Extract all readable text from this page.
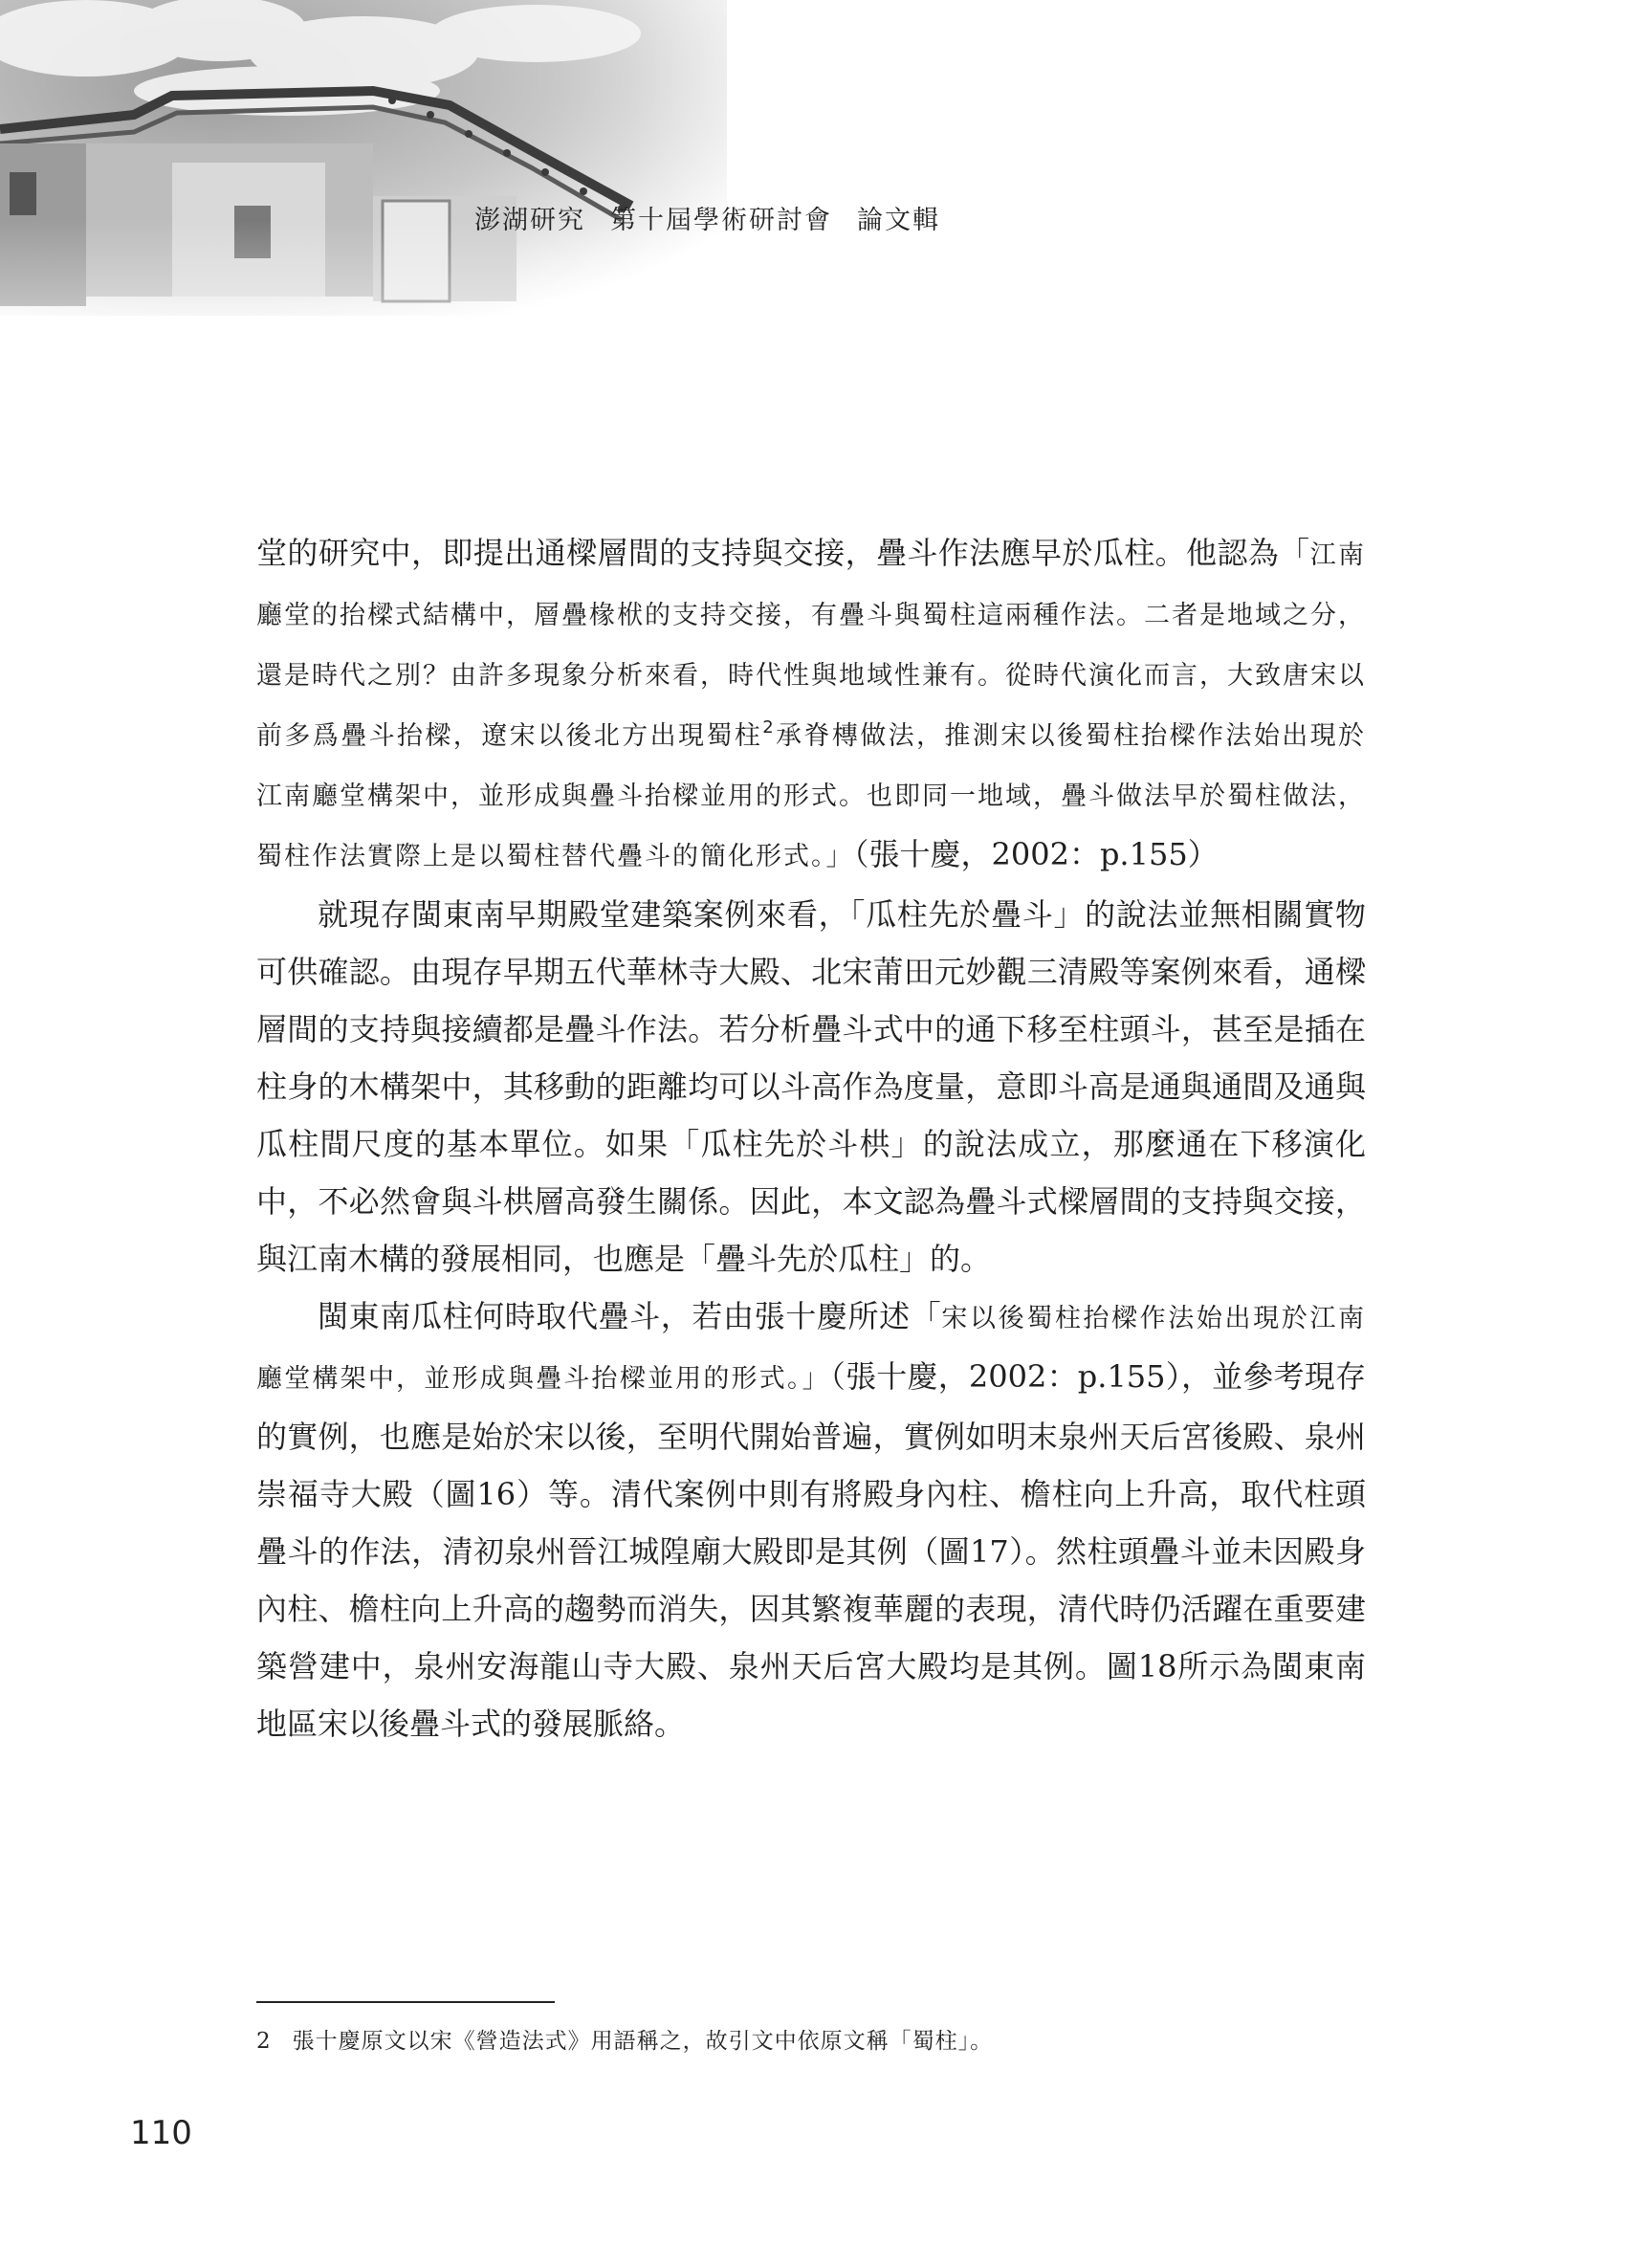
澎湖研究 第十屆學術研討會 論文輯

堂的研究中，即提出通樑層間的支持與交接，疊斗作法應早於瓜柱。他認為「江南廳堂的抬樑式結構中，層疊椽栿的支持交接，有疊斗與蜀柱這兩種作法。二者是地域之分，還是時代之別？由許多現象分析來看，時代性與地域性兼有。從時代演化而言，大致唐宋以前多爲疊斗抬樑，遼宋以後北方出現蜀柱$^2$承脊槫做法，推測宋以後蜀柱抬樑作法始出現於江南廳堂構架中，並形成與疊斗抬樑並用的形式。也即同一地域，疊斗做法早於蜀柱做法，蜀柱作法實際上是以蜀柱替代疊斗的簡化形式。」（張十慶，2002：p.155）

就現存閩東南早期殿堂建築案例來看，「瓜柱先於疊斗」的說法並無相關實物可供確認。由現存早期五代華林寺大殿、北宋莆田元妙觀三清殿等案例來看，通樑層間的支持與接續都是疊斗作法。若分析疊斗式中的通下移至柱頭斗，甚至是插在柱身的木構架中，其移動的距離均可以斗高作為度量，意即斗高是通與通間及通與瓜柱間尺度的基本單位。如果「瓜柱先於斗栱」的說法成立，那麼通在下移演化中，不必然會與斗栱層高發生關係。因此，本文認為疊斗式樑層間的支持與交接，與江南木構的發展相同，也應是「疊斗先於瓜柱」的。

閩東南瓜柱何時取代疊斗，若由張十慶所述「宋以後蜀柱抬樑作法始出現於江南廳堂構架中，並形成與疊斗抬樑並用的形式。」（張十慶，2002：p.155），並參考現存的實例，也應是始於宋以後，至明代開始普遍，實例如明末泉州天后宮後殿、泉州崇福寺大殿（圖16）等。清代案例中則有將殿身內柱、檐柱向上升高，取代柱頭疊斗的作法，清初泉州晉江城隍廟大殿即是其例（圖17）。然柱頭疊斗並未因殿身內柱、檐柱向上升高的趨勢而消失，因其繁複華麗的表現，清代時仍活躍在重要建築營建中，泉州安海龍山寺大殿、泉州天后宮大殿均是其例。圖18所示為閩東南地區宋以後疊斗式的發展脈絡。

2 張十慶原文以宋《營造法式》用語稱之，故引文中依原文稱「蜀柱」。
110
